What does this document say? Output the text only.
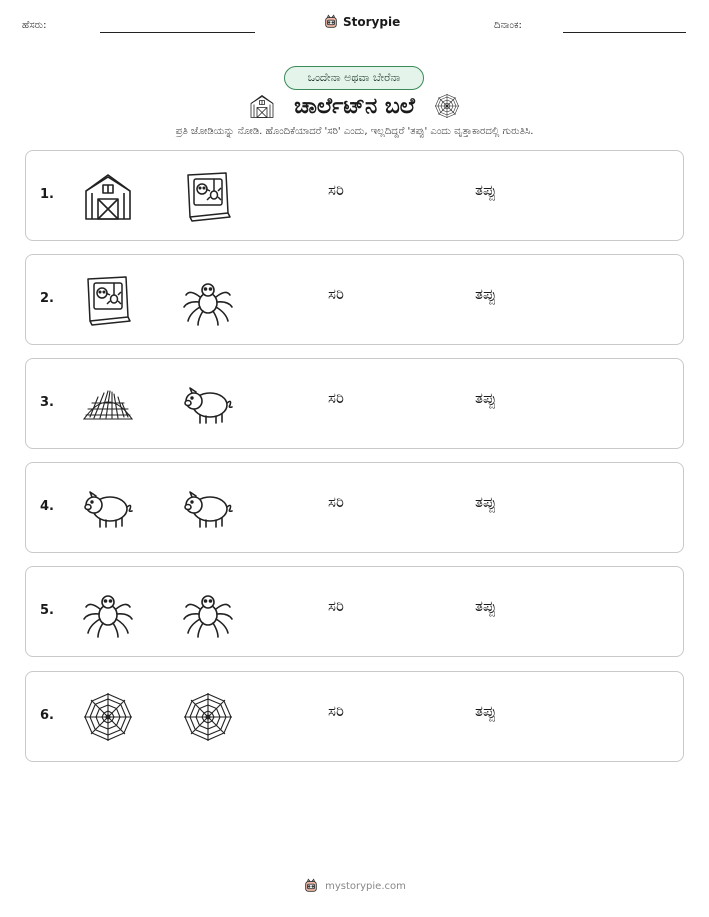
ಹೆಸರು:	Storypie	ದಿನಾಂಕ:
ಒಂದೇನಾ ಅಥವಾ ಬೇರೆನಾ
ಚಾರ್ಲೆಟ್‌ನ ಬಲೆ
ಪ್ರತಿ ಜೋಡಿಯನ್ನು ನೋಡಿ. ಹೊಂದಿಕೆಯಾದರೆ 'ಸರಿ' ಎಂದು, ಇಲ್ಲದಿದ್ದರೆ 'ತಪ್ಪು' ಎಂದು ವೃತ್ತಾಕಾರದಲ್ಲಿ ಗುರುತಿಸಿ.
1.	ಸರಿ	ತಪ್ಪು
2.	ಸರಿ	ತಪ್ಪು
3.	ಸರಿ	ತಪ್ಪು
4.	ಸರಿ	ತಪ್ಪು
5.	ಸರಿ	ತಪ್ಪು
6.	ಸರಿ	ತಪ್ಪು
mystorypie.com
